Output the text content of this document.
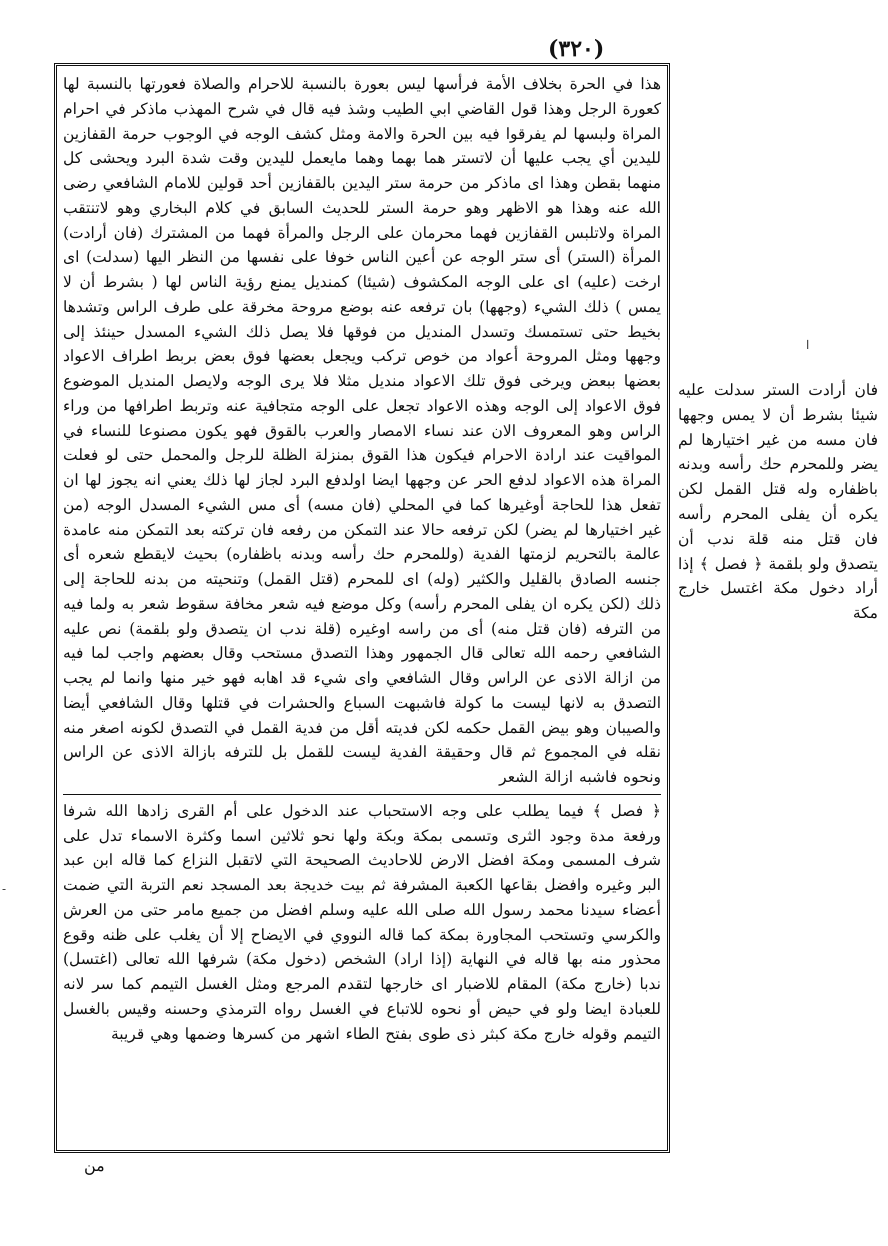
(٣٢٠)

هذا في الحرة بخلاف الأمة فرأسها ليس بعورة بالنسبة للاحرام والصلاة فعورتها بالنسبة لها كعورة الرجل وهذا قول القاضي ابي الطيب وشذ فيه قال في شرح المهذب ماذكر في احرام المراة ولبسها لم يفرقوا فيه بين الحرة والامة ومثل كشف الوجه في الوجوب حرمة القفازين لليدين أي يجب عليها أن لاتستر هما بهما وهما مايعمل لليدين وقت شدة البرد ويحشى كل منهما بقطن وهذا اى ماذكر من حرمة ستر اليدين بالقفازين أحد قولين للامام الشافعي رضى الله عنه وهذا هو الاظهر وهو حرمة الستر للحديث السابق في كلام البخاري وهو لاتنتقب المراة ولاتلبس القفازين فهما محرمان على الرجل والمرأة فهما من المشترك (فان أرادت) المرأة (الستر) أى ستر الوجه عن أعين الناس خوفا على نفسها من النظر اليها (سدلت) اى ارخت (عليه) اى على الوجه المكشوف (شيئا) كمنديل يمنع رؤية الناس لها ( بشرط أن لا يمس ) ذلك الشيء (وجهها) بان ترفعه عنه بوضع مروحة مخرقة على طرف الراس وتشدها بخيط حتى تستمسك وتسدل المنديل من فوقها فلا يصل ذلك الشيء المسدل حينئذ إلى وجهها ومثل المروحة أعواد من خوص تركب ويجعل بعضها فوق بعض بربط اطراف الاعواد بعضها ببعض ويرخى فوق تلك الاعواد منديل مثلا فلا يرى الوجه ولايصل المنديل الموضوع فوق الاعواد إلى الوجه وهذه الاعواد تجعل على الوجه متجافية عنه وتربط اطرافها من وراء الراس وهو المعروف الان عند نساء الامصار والعرب بالقوق فهو يكون مصنوعا للنساء في المواقيت عند ارادة الاحرام فيكون هذا القوق بمنزلة الظلة للرجل والمحمل حتى لو فعلت المراة هذه الاعواد لدفع الحر عن وجهها ايضا اولدفع البرد لجاز لها ذلك يعني انه يجوز لها ان تفعل هذا للحاجة أوغيرها كما في المحلي (فان مسه) أى مس الشيء المسدل الوجه (من غير اختيارها لم يضر) لكن ترفعه حالا عند التمكن من رفعه فان تركته بعد التمكن منه عامدة عالمة بالتحريم لزمتها الفدية (وللمحرم حك رأسه وبدنه باظفاره) بحيث لايقطع شعره أى جنسه الصادق بالقليل والكثير (وله) اى للمحرم (قتل القمل) وتنحيته من بدنه للحاجة إلى ذلك (لكن يكره ان يفلى المحرم رأسه) وكل موضع فيه شعر مخافة سقوط شعر به ولما فيه من الترفه (فان قتل منه) أى من راسه اوغيره (قلة ندب ان يتصدق ولو بلقمة) نص عليه الشافعي رحمه الله تعالى قال الجمهور وهذا التصدق مستحب وقال بعضهم واجب لما فيه من ازالة الاذى عن الراس وقال الشافعي واى شيء قد اهابه فهو خير منها وانما لم يجب التصدق به لانها ليست ما كولة فاشبهت السباع والحشرات في قتلها وقال الشافعي أيضا والصيبان وهو بيض القمل حكمه لكن فديته أقل من فدية القمل في التصدق لكونه اصغر منه نقله في المجموع ثم قال وحقيقة الفدية ليست للقمل بل للترفه بازالة الاذى عن الراس ونحوه فاشبه ازالة الشعر

﴿ فصل ﴾ فيما يطلب على وجه الاستحباب عند الدخول على أم القرى زادها الله شرفا ورفعة مدة وجود الثرى وتسمى بمكة وبكة ولها نحو ثلاثين اسما وكثرة الاسماء تدل على شرف المسمى ومكة افضل الارض للاحاديث الصحيحة التي لاتقبل النزاع كما قاله ابن عبد البر وغيره وافضل بقاعها الكعبة المشرفة ثم بيت خديجة بعد المسجد نعم التربة التي ضمت أعضاء سيدنا محمد رسول الله صلى الله عليه وسلم افضل من جميع مامر حتى من العرش والكرسي وتستحب المجاورة بمكة كما قاله النووي في الايضاح إلا أن يغلب على ظنه وقوع محذور منه بها قاله في النهاية (إذا اراد) الشخص (دخول مكة) شرفها الله تعالى (اغتسل) ندبا (خارج مكة) المقام للاضبار اى خارجها لتقدم المرجع ومثل الغسل التيمم كما سر لانه للعبادة ايضا ولو في حيض أو نحوه للاتباع في الغسل رواه الترمذي وحسنه وقيس بالغسل التيمم وقوله خارج مكة كبثر ذى طوى بفتح الطاء اشهر من كسرها وضمها وهي قريبة

فان أرادت الستر سدلت عليه شيئا بشرط أن لا يمس وجهها فان مسه من غير اختيارها لم يضر وللمحرم حك رأسه وبدنه باظفاره وله قتل القمل لكن يكره أن يفلى المحرم رأسه فان قتل منه قلة ندب أن يتصدق ولو بلقمة ﴿ فصل ﴾ إذا أراد دخول مكة اغتسل خارج مكة

من
ا
-
